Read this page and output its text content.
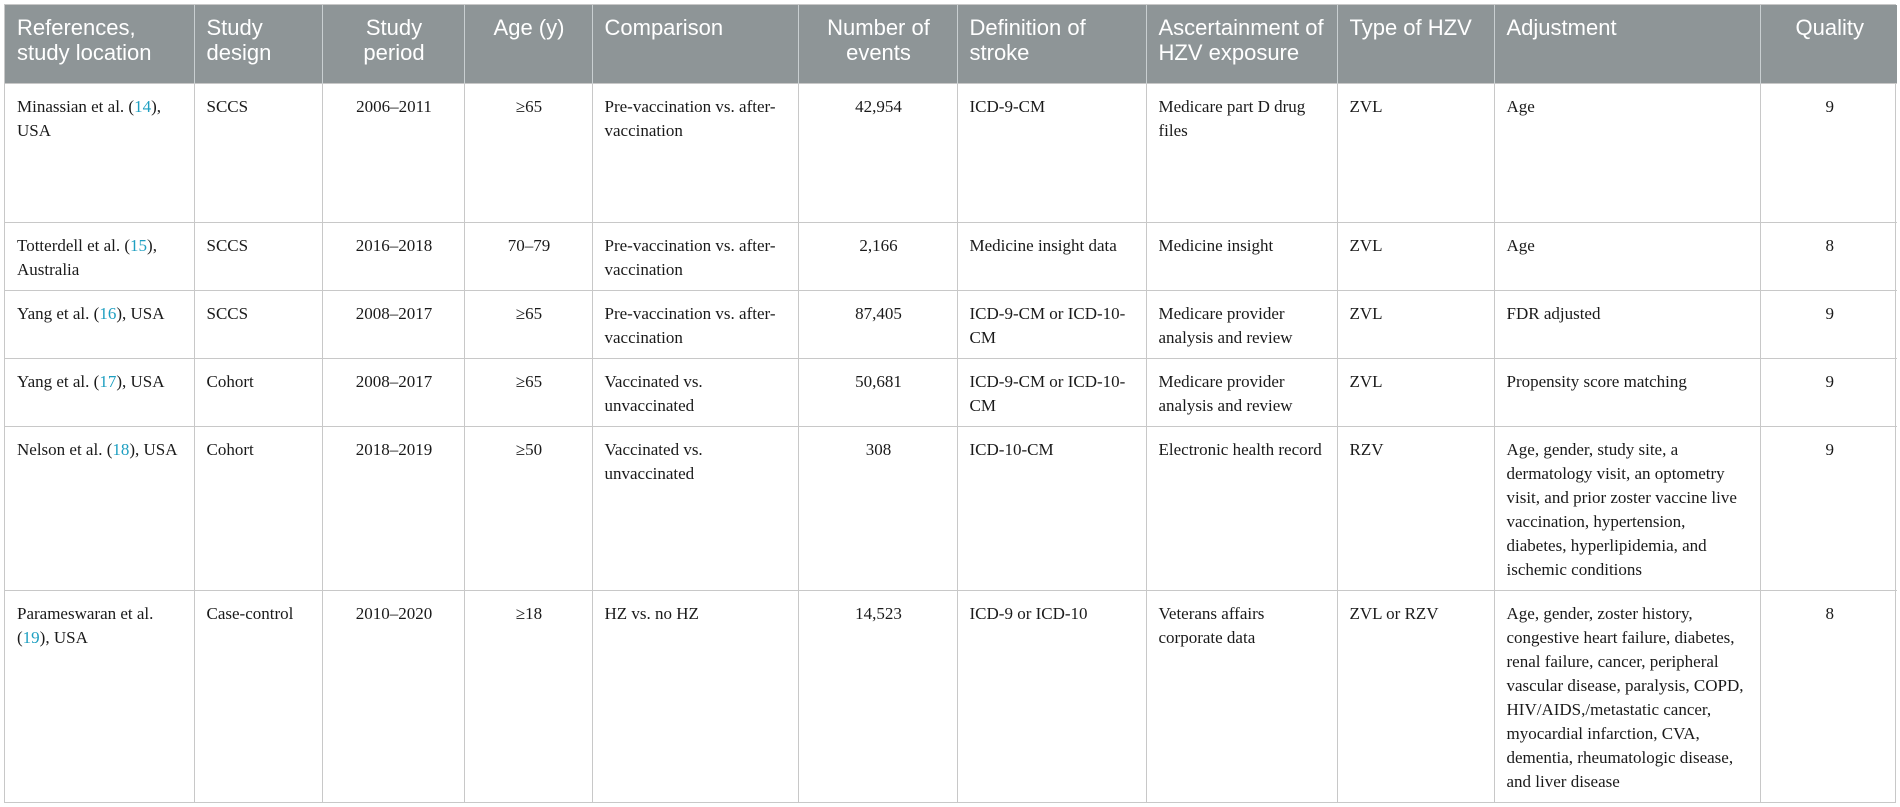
References, study location	Study design	Study period	Age (y)	Comparison	Number of events	Definition of stroke	Ascertainment of HZV exposure	Type of HZV	Adjustment	Quality
Minassian et al. (14), USA	SCCS	2006–2011	≥65	Pre-vaccination vs. after-vaccination	42,954	ICD-9-CM	Medicare part D drug files	ZVL	Age	9
Totterdell et al. (15), Australia	SCCS	2016–2018	70–79	Pre-vaccination vs. after-vaccination	2,166	Medicine insight data	Medicine insight	ZVL	Age	8
Yang et al. (16), USA	SCCS	2008–2017	≥65	Pre-vaccination vs. after-vaccination	87,405	ICD-9-CM or ICD-10-CM	Medicare provider analysis and review	ZVL	FDR adjusted	9
Yang et al. (17), USA	Cohort	2008–2017	≥65	Vaccinated vs. unvaccinated	50,681	ICD-9-CM or ICD-10-CM	Medicare provider analysis and review	ZVL	Propensity score matching	9
Nelson et al. (18), USA	Cohort	2018–2019	≥50	Vaccinated vs. unvaccinated	308	ICD-10-CM	Electronic health record	RZV	Age, gender, study site, a dermatology visit, an optometry visit, and prior zoster vaccine live vaccination, hypertension, diabetes, hyperlipidemia, and ischemic conditions	9
Parameswaran et al. (19), USA	Case-control	2010–2020	≥18	HZ vs. no HZ	14,523	ICD-9 or ICD-10	Veterans affairs corporate data	ZVL or RZV	Age, gender, zoster history, congestive heart failure, diabetes, renal failure, cancer, peripheral vascular disease, paralysis, COPD, HIV/AIDS,/metastatic cancer, myocardial infarction, CVA, dementia, rheumatologic disease, and liver disease	8
